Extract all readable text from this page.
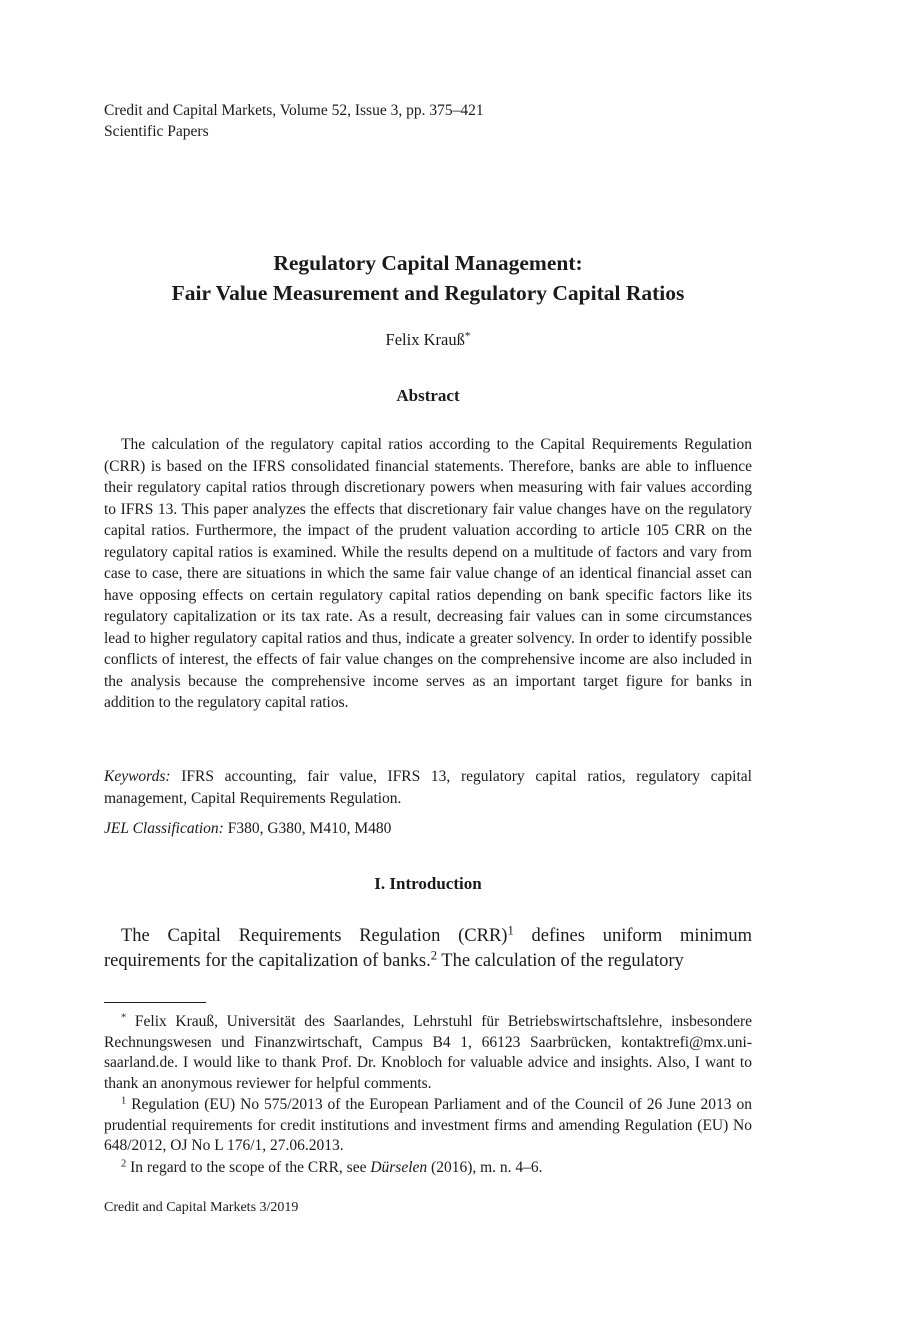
Credit and Capital Markets, Volume 52, Issue 3, pp. 375–421
Scientific Papers
Regulatory Capital Management:
Fair Value Measurement and Regulatory Capital Ratios
Felix Krauß*
Abstract

The calculation of the regulatory capital ratios according to the Capital Requirements Regulation (CRR) is based on the IFRS consolidated financial statements. Therefore, banks are able to influence their regulatory capital ratios through discretionary powers when measuring with fair values according to IFRS 13. This paper analyzes the effects that discretionary fair value changes have on the regulatory capital ratios. Furthermore, the impact of the prudent valuation according to article 105 CRR on the regulatory capital ratios is examined. While the results depend on a multitude of factors and vary from case to case, there are situations in which the same fair value change of an identical financial asset can have opposing effects on certain regulatory capital ratios depending on bank specific factors like its regulatory capitalization or its tax rate. As a result, decreasing fair values can in some circumstances lead to higher regulatory capital ratios and thus, indicate a greater solvency. In order to identify possible conflicts of interest, the effects of fair value changes on the comprehensive income are also included in the analysis because the comprehensive income serves as an important target figure for banks in addition to the regulatory capital ratios.

Keywords: IFRS accounting, fair value, IFRS 13, regulatory capital ratios, regulatory capital management, Capital Requirements Regulation.

JEL Classification: F380, G380, M410, M480

I. Introduction

The Capital Requirements Regulation (CRR)$^1$ defines uniform minimum requirements for the capitalization of banks.$^2$ The calculation of the regulatory

* Felix Krauß, Universität des Saarlandes, Lehrstuhl für Betriebswirtschaftslehre, insbesondere Rechnungswesen und Finanzwirtschaft, Campus B4 1, 66123 Saarbrücken, kontaktrefi@mx.uni-saarland.de. I would like to thank Prof. Dr. Knobloch for valuable advice and insights. Also, I want to thank an anonymous reviewer for helpful comments.

$^1$ Regulation (EU) No 575/2013 of the European Parliament and of the Council of 26 June 2013 on prudential requirements for credit institutions and investment firms and amending Regulation (EU) No 648/2012, OJ No L 176/1, 27.06.2013.

$^2$ In regard to the scope of the CRR, see Dürselen (2016), m. n. 4–6.

Credit and Capital Markets 3/2019
